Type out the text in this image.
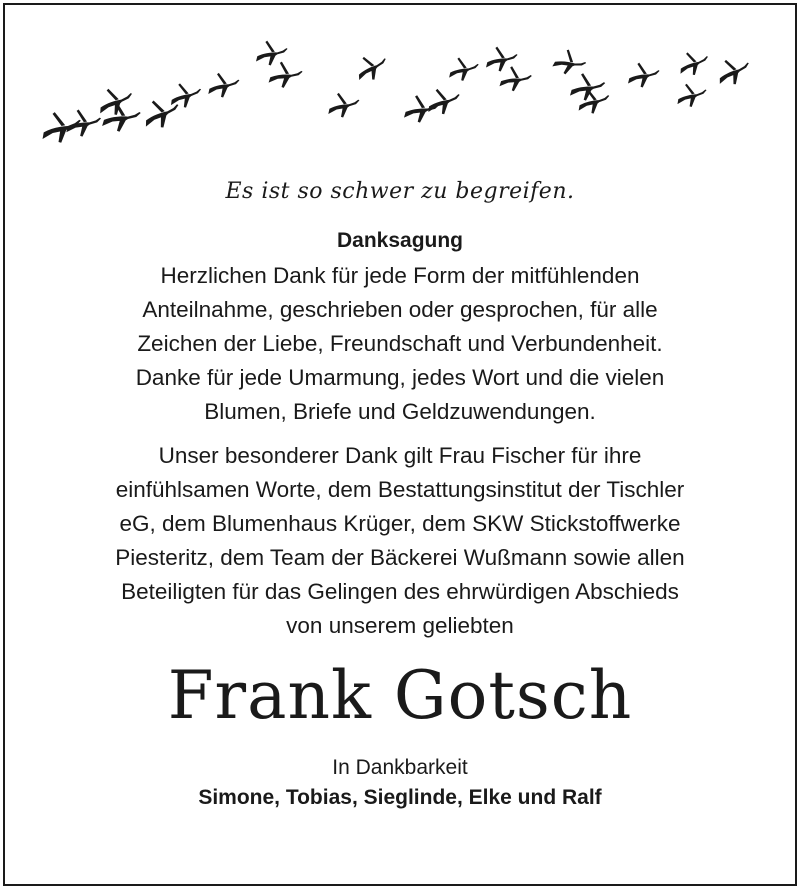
Es ist so schwer zu begreifen.

Danksagung

Herzlichen Dank für jede Form der mitfühlenden
Anteilnahme, geschrieben oder gesprochen, für alle
Zeichen der Liebe, Freundschaft und Verbundenheit.
Danke für jede Umarmung, jedes Wort und die vielen
Blumen, Briefe und Geldzuwendungen.

Unser besonderer Dank gilt Frau Fischer für ihre
einfühlsamen Worte, dem Bestattungsinstitut der Tischler
eG, dem Blumenhaus Krüger, dem SKW Stickstoffwerke
Piesteritz, dem Team der Bäckerei Wußmann sowie allen
Beteiligten für das Gelingen des ehrwürdigen Abschieds
von unserem geliebten

Frank Gotsch

In Dankbarkeit

Simone, Tobias, Sieglinde, Elke und Ralf
